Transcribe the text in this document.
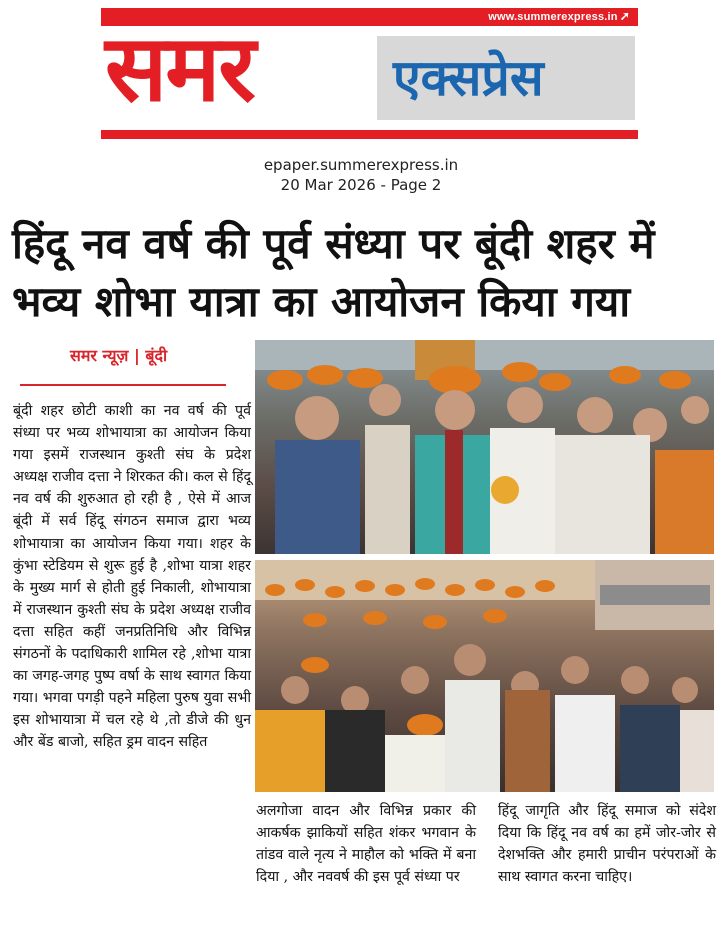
www.summerexpress.in ➚
समर	एक्सप्रेस
epaper.summerexpress.in
20 Mar 2026 - Page 2
हिंदू नव वर्ष की पूर्व संध्या पर बूंदी शहर में
भव्य शोभा यात्रा का आयोजन किया गया
समर न्यूज़ | बूंदी
बूंदी शहर छोटी काशी का नव वर्ष की पूर्व संध्या पर भव्य शोभायात्रा का आयोजन किया गया इसमें राजस्थान कुश्ती संघ के प्रदेश अध्यक्ष राजीव दत्ता ने शिरकत की। कल से हिंदू नव वर्ष की शुरुआत हो रही है , ऐसे में आज बूंदी में सर्व हिंदू संगठन समाज द्वारा भव्य शोभायात्रा का आयोजन किया गया। शहर के कुंभा स्टेडियम से शुरू हुई है ,शोभा यात्रा शहर के मुख्य मार्ग से होती हुई निकाली, शोभायात्रा में राजस्थान कुश्ती संघ के प्रदेश अध्यक्ष राजीव दत्ता सहित कहीं जनप्रतिनिधि और विभिन्न संगठनों के पदाधिकारी शामिल रहे ,शोभा यात्रा का जगह-जगह पुष्प वर्षा के साथ स्वागत किया गया। भगवा पगड़ी पहने महिला पुरुष युवा सभी इस शोभायात्रा में चल रहे थे ,तो डीजे की धुन और बेंड बाजो, सहित ड्रम वादन सहित
अलगोजा वादन और विभिन्न प्रकार की आकर्षक झाकियों सहित शंकर भगवान के तांडव वाले नृत्य ने माहौल को भक्ति में बना दिया , और नववर्ष की इस पूर्व संध्या पर
हिंदू जागृति और हिंदू समाज को संदेश दिया कि हिंदू नव वर्ष का हमें जोर-जोर से देशभक्ति और हमारी प्राचीन परंपराओं के साथ स्वागत करना चाहिए।
